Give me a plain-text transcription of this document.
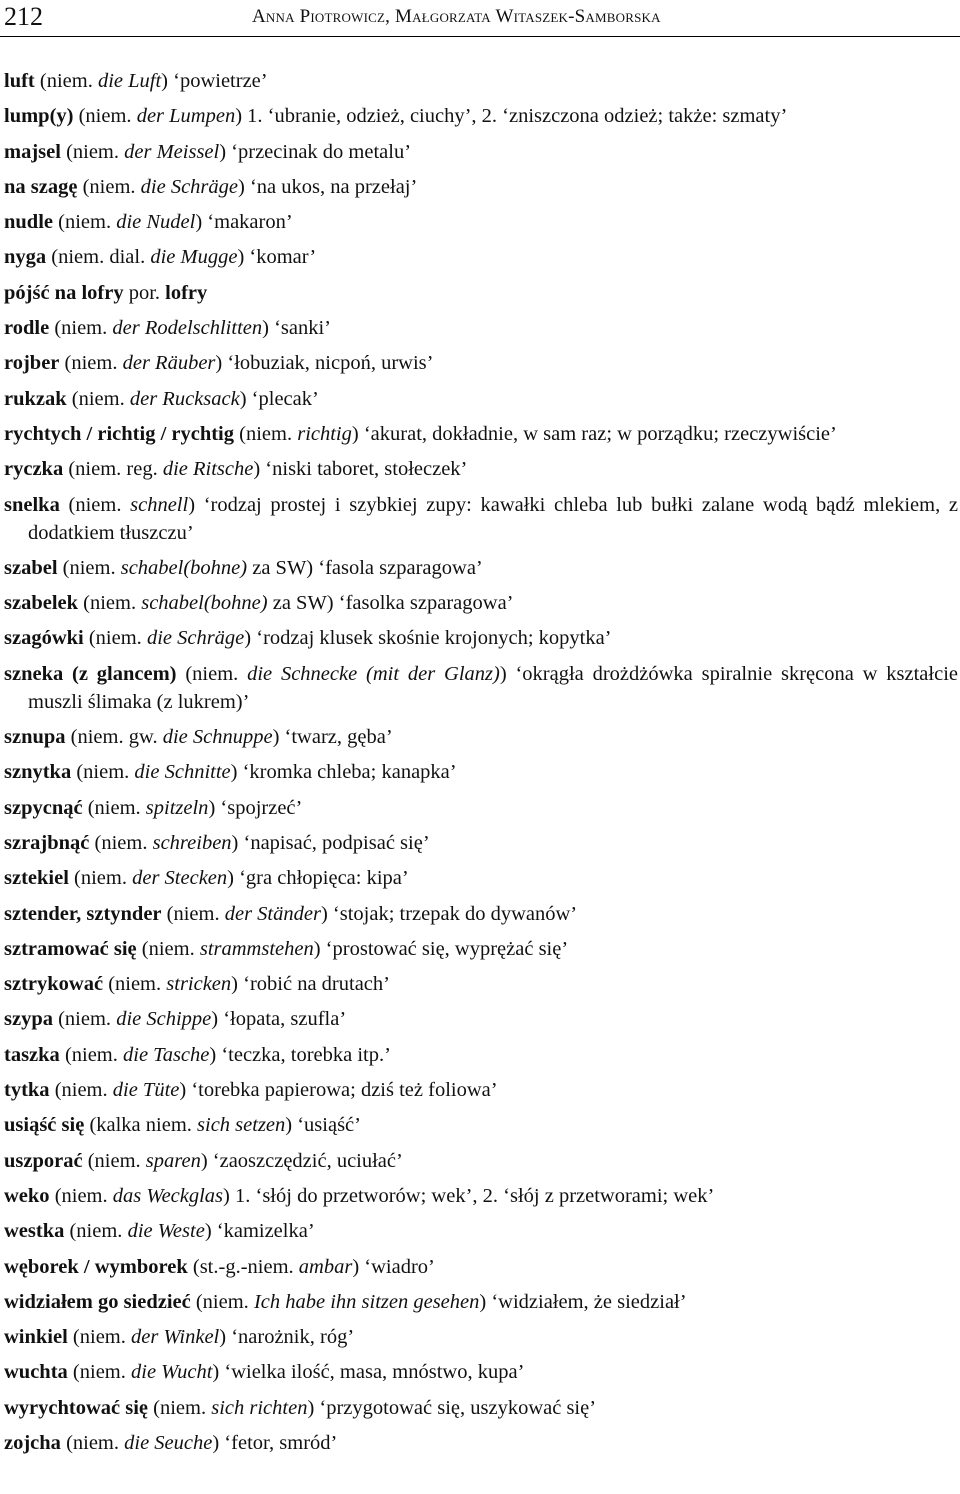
212	Anna Piotrowicz, Małgorzata Witaszek-Samborska

luft (niem. die Luft) ‘powietrze’

lump(y) (niem. der Lumpen) 1. ‘ubranie, odzież, ciuchy’, 2. ‘zniszczona odzież; także: szmaty’

majsel (niem. der Meissel) ‘przecinak do metalu’

na szagę (niem. die Schräge) ‘na ukos, na przełaj’

nudle (niem. die Nudel) ‘makaron’

nyga (niem. dial. die Mugge) ‘komar’

pójść na lofry por. lofry

rodle (niem. der Rodelschlitten) ‘sanki’

rojber (niem. der Räuber) ‘łobuziak, nicpoń, urwis’

rukzak (niem. der Rucksack) ‘plecak’

rychtych / richtig / rychtig (niem. richtig) ‘akurat, dokładnie, w sam raz; w porządku; rzeczywiście’

ryczka (niem. reg. die Ritsche) ‘niski taboret, stołeczek’

snelka (niem. schnell) ‘rodzaj prostej i szybkiej zupy: kawałki chleba lub bułki zalane wodą bądź mlekiem, z dodatkiem tłuszczu’

szabel (niem. schabel(bohne) za SW) ‘fasola szparagowa’

szabelek (niem. schabel(bohne) za SW) ‘fasolka szparagowa’

szagówki (niem. die Schräge) ‘rodzaj klusek skośnie krojonych; kopytka’

szneka (z glancem) (niem. die Schnecke (mit der Glanz)) ‘okrągła drożdżówka spiralnie skręcona w kształcie muszli ślimaka (z lukrem)’

sznupa (niem. gw. die Schnuppe) ‘twarz, gęba’

sznytka (niem. die Schnitte) ‘kromka chleba; kanapka’

szpycnąć (niem. spitzeln) ‘spojrzeć’

szrajbnąć (niem. schreiben) ‘napisać, podpisać się’

sztekiel (niem. der Stecken) ‘gra chłopięca: kipa’

sztender, sztynder (niem. der Ständer) ‘stojak; trzepak do dywanów’

sztramować się (niem. strammstehen) ‘prostować się, wyprężać się’

sztrykować (niem. stricken) ‘robić na drutach’

szypa (niem. die Schippe) ‘łopata, szufla’

taszka (niem. die Tasche) ‘teczka, torebka itp.’

tytka (niem. die Tüte) ‘torebka papierowa; dziś też foliowa’

usiąść się (kalka niem. sich setzen) ‘usiąść’

uszporać (niem. sparen) ‘zaoszczędzić, uciułać’

weko (niem. das Weckglas) 1. ‘słój do przetworów; wek’, 2. ‘słój z przetworami; wek’

westka (niem. die Weste) ‘kamizelka’

węborek / wymborek (st.-g.-niem. ambar) ‘wiadro’

widziałem go siedzieć (niem. Ich habe ihn sitzen gesehen) ‘widziałem, że siedział’

winkiel (niem. der Winkel) ‘narożnik, róg’

wuchta (niem. die Wucht) ‘wielka ilość, masa, mnóstwo, kupa’

wyrychtować się (niem. sich richten) ‘przygotować się, uszykować się’

zojcha (niem. die Seuche) ‘fetor, smród’
